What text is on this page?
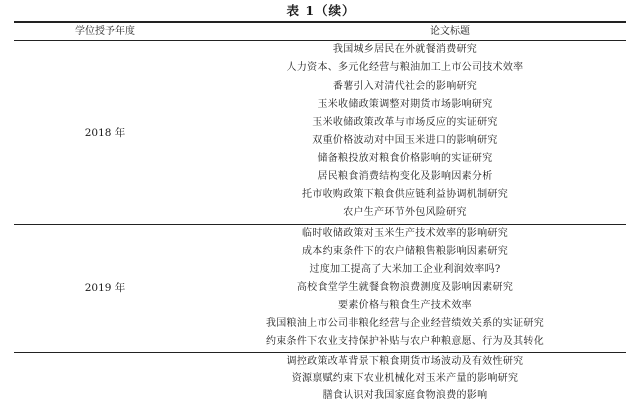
表 1（续）
学位授予年度	论文标题
2018 年
我国城乡居民在外就餐消费研究
人力资本、多元化经营与粮油加工上市公司技术效率
番薯引入对清代社会的影响研究
玉米收储政策调整对期货市场影响研究
玉米收储政策改革与市场反应的实证研究
双重价格波动对中国玉米进口的影响研究
储备粮投放对粮食价格影响的实证研究
居民粮食消费结构变化及影响因素分析
托市收购政策下粮食供应链利益协调机制研究
农户生产环节外包风险研究
2019 年
临时收储政策对玉米生产技术效率的影响研究
成本约束条件下的农户储粮售粮影响因素研究
过度加工提高了大米加工企业利润效率吗?
高校食堂学生就餐食物浪费测度及影响因素研究
要素价格与粮食生产技术效率
我国粮油上市公司非粮化经营与企业经营绩效关系的实证研究
约束条件下农业支持保护补贴与农户种粮意愿、行为及其转化
调控政策改革背景下粮食期货市场波动及有效性研究
资源禀赋约束下农业机械化对玉米产量的影响研究
膳食认识对我国家庭食物浪费的影响
